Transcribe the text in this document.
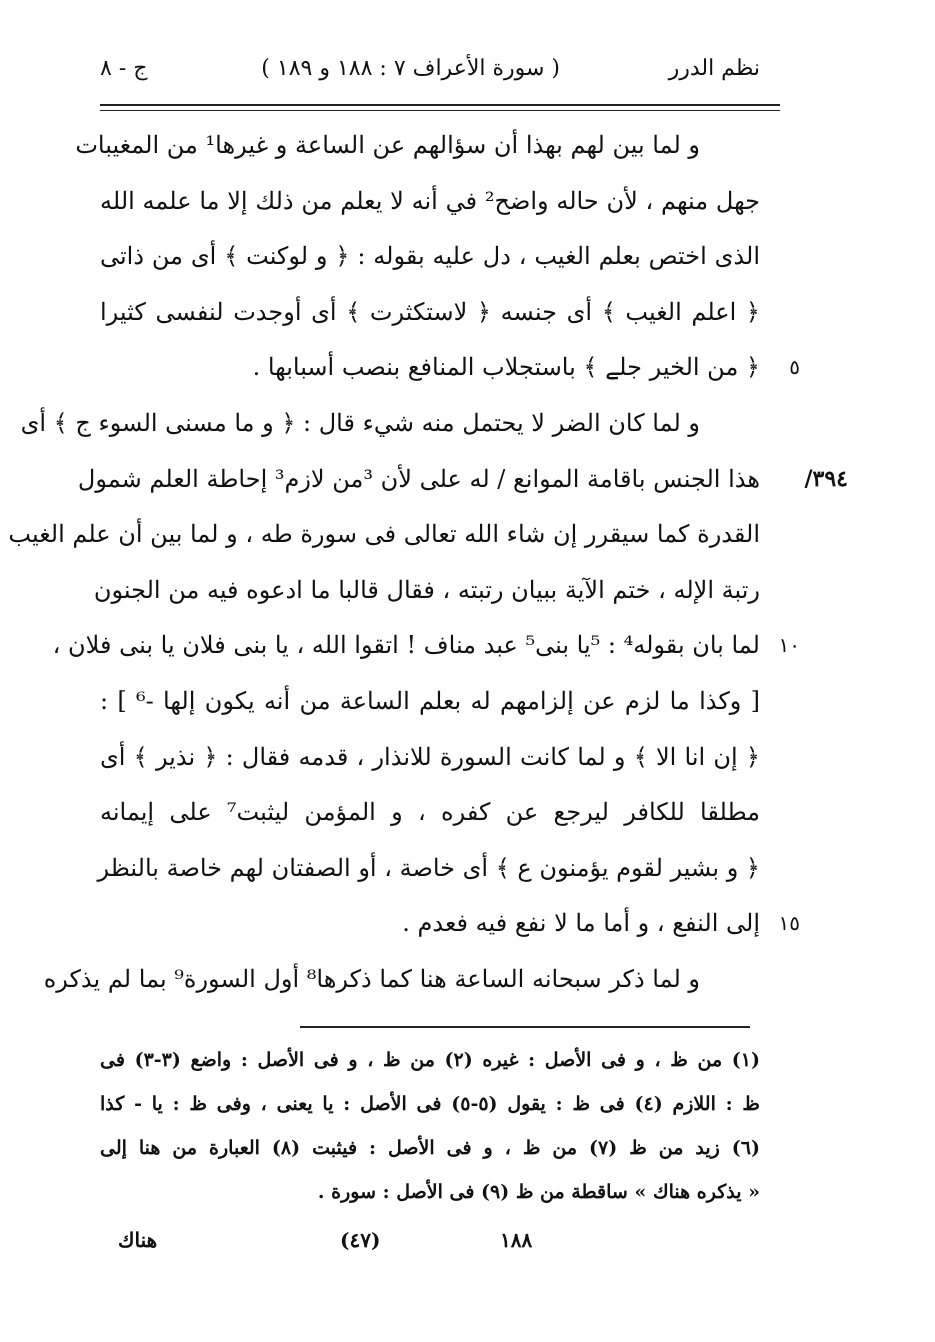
نظم الدرر
( سورة الأعراف ٧ : ١٨٨ و ١٨٩ )
ج - ٨
و لما بين لهم بهذا أن سؤالهم عن الساعة و غيرها¹ من المغيبات
جهل منهم ، لأن حاله واضح² في أنه لا يعلم من ذلك إلا ما علمه الله
الذى اختص بعلم الغيب ، دل عليه بقوله : ﴿ و لوكنت ﴾ أى من ذاتى
﴿ اعلم الغيب ﴾ أى جنسه ﴿ لاستكثرت ﴾ أى أوجدت لنفسى كثيرا
٥
﴿ من الخير ج‍لے ﴾ باستجلاب المنافع بنصب أسبابها .
و لما كان الضر لا يحتمل منه شيء قال : ﴿ و ما مسنى السوء ج ﴾ أى
٣٩٤/
هذا الجنس باقامة الموانع / له على لأن ³من لازم³ إحاطة العلم شمول
القدرة كما سيقرر إن شاء الله تعالى فى سورة طه ، و لما بين أن علم الغيب
رتبة الإله ، ختم الآية ببيان رتبته ، فقال قالبا ما ادعوه فيه من الجنون
١٠
لما بان بقوله⁴ : ⁵يا بنى⁵ عبد مناف ! اتقوا الله ، يا بنى فلان يا بنى فلان ،
[ وكذا ما لزم عن إلزامهم له بعلم الساعة من أنه يكون إلها -⁶ ] :
﴿ إن انا الا ﴾ و لما كانت السورة للانذار ، قدمه فقال : ﴿ نذير ﴾ أى
مطلقا للكافر ليرجع عن كفره ، و المؤمن ليثبت⁷ على إيمانه
﴿ و بشير لقوم يؤمنون ع ﴾ أى خاصة ، أو الصفتان لهم خاصة بالنظر
١٥
إلى النفع ، و أما ما لا نفع فيه فعدم .
و لما ذكر سبحانه الساعة هنا كما ذكرها⁸ أول السورة⁹ بما لم يذكره
(١) من ظ ، و فى الأصل : غيره (٢) من ظ ، و فى الأصل : واضع (٣-٣) فى
ظ : اللازم (٤) فى ظ : يقول (٥-٥) فى الأصل : يا يعنى ، وفى ظ : يا - كذا
(٦) زيد من ظ (٧) من ظ ، و فى الأصل : فيثبت (٨) العبارة من هنا إلى
« يذكره هناك » ساقطة من ظ (٩) فى الأصل : سورة .
هناك	(٤٧)	١٨٨
